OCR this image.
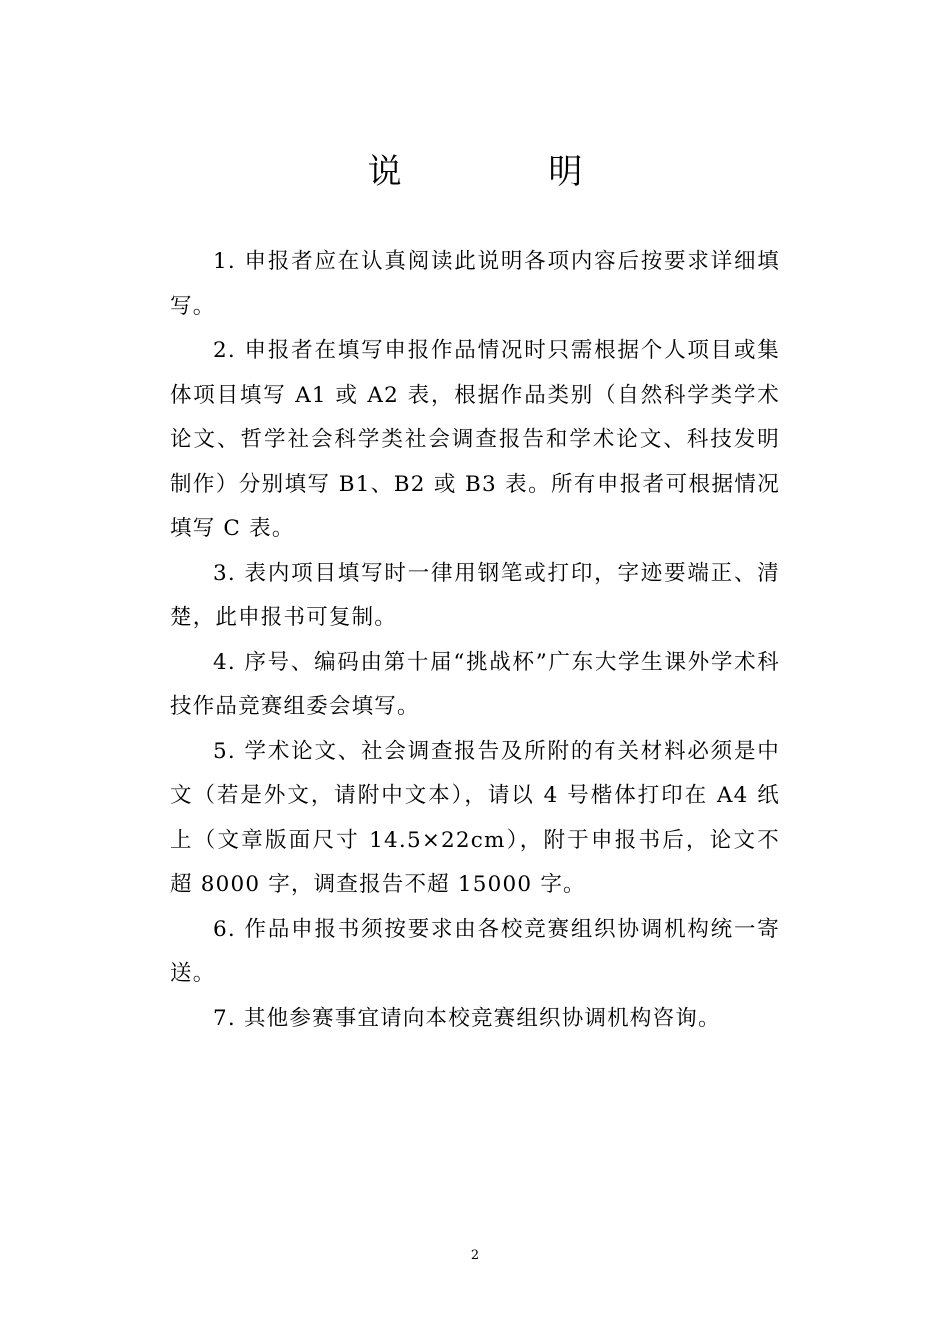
说 明
1. 申报者应在认真阅读此说明各项内容后按要求详细填写。
2. 申报者在填写申报作品情况时只需根据个人项目或集体项目填写 A1 或 A2 表，根据作品类别（自然科学类学术论文、哲学社会科学类社会调查报告和学术论文、科技发明制作）分别填写 B1、B2 或 B3 表。所有申报者可根据情况填写 C 表。
3. 表内项目填写时一律用钢笔或打印，字迹要端正、清楚，此申报书可复制。
4. 序号、编码由第十届“挑战杯”广东大学生课外学术科技作品竞赛组委会填写。
5. 学术论文、社会调查报告及所附的有关材料必须是中文（若是外文，请附中文本），请以 4 号楷体打印在 A4 纸上（文章版面尺寸 14.5×22cm），附于申报书后，论文不超 8000 字，调查报告不超 15000 字。
6. 作品申报书须按要求由各校竞赛组织协调机构统一寄送。
7. 其他参赛事宜请向本校竞赛组织协调机构咨询。
2
